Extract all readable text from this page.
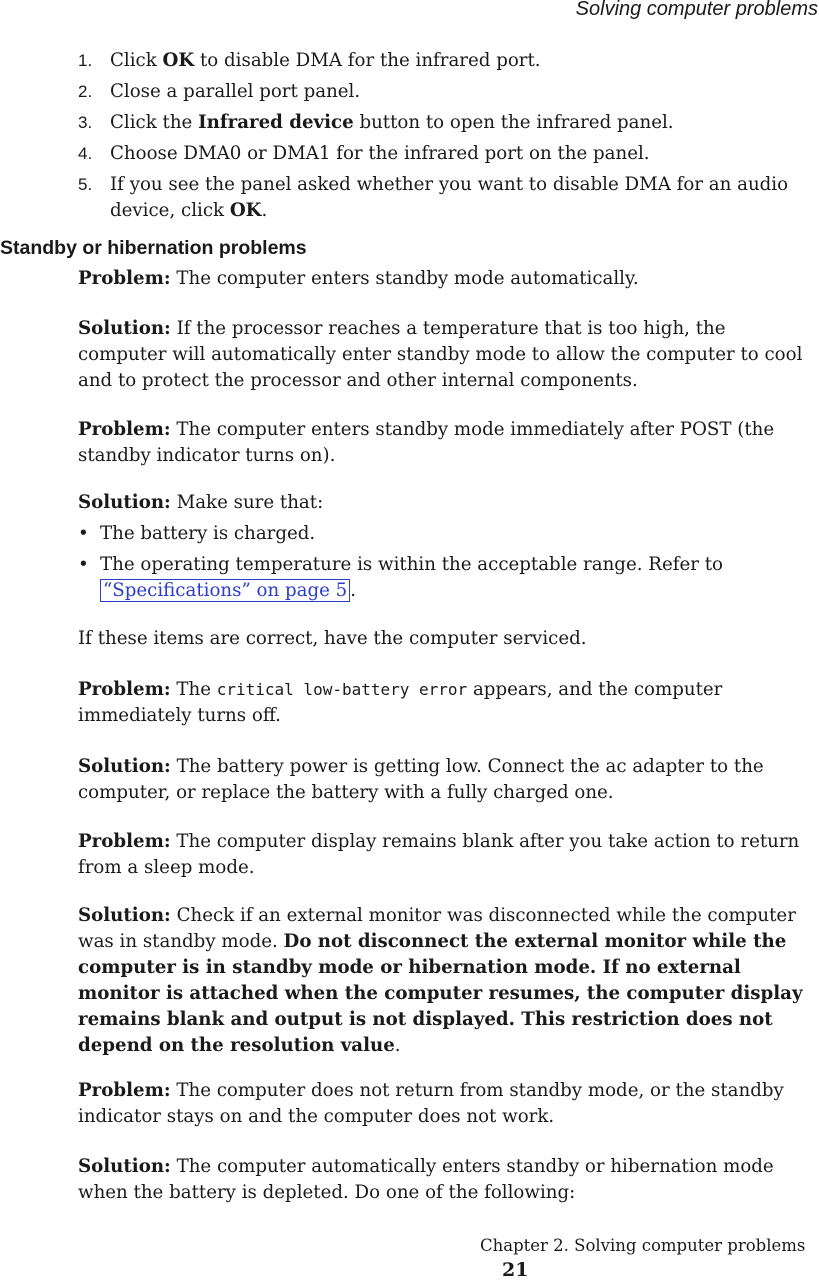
Solving computer problems
1. Click OK to disable DMA for the infrared port.
2. Close a parallel port panel.
3. Click the Infrared device button to open the infrared panel.
4. Choose DMA0 or DMA1 for the infrared port on the panel.
5. If you see the panel asked whether you want to disable DMA for an audio device, click OK.
Standby or hibernation problems

Problem: The computer enters standby mode automatically.

Solution: If the processor reaches a temperature that is too high, the computer will automatically enter standby mode to allow the computer to cool and to protect the processor and other internal components.

Problem: The computer enters standby mode immediately after POST (the standby indicator turns on).

Solution: Make sure that:

• The battery is charged.
• The operating temperature is within the acceptable range. Refer to “Specifications” on page 5 .

If these items are correct, have the computer serviced.

Problem: The critical low-battery error appears, and the computer immediately turns off.

Solution: The battery power is getting low. Connect the ac adapter to the computer, or replace the battery with a fully charged one.

Problem: The computer display remains blank after you take action to return from a sleep mode.

Solution: Check if an external monitor was disconnected while the computer was in standby mode. Do not disconnect the external monitor while the computer is in standby mode or hibernation mode. If no external monitor is attached when the computer resumes, the computer display remains blank and output is not displayed. This restriction does not depend on the resolution value.

Problem: The computer does not return from standby mode, or the standby indicator stays on and the computer does not work.

Solution: The computer automatically enters standby or hibernation mode when the battery is depleted. Do one of the following:

Chapter 2. Solving computer problems21
